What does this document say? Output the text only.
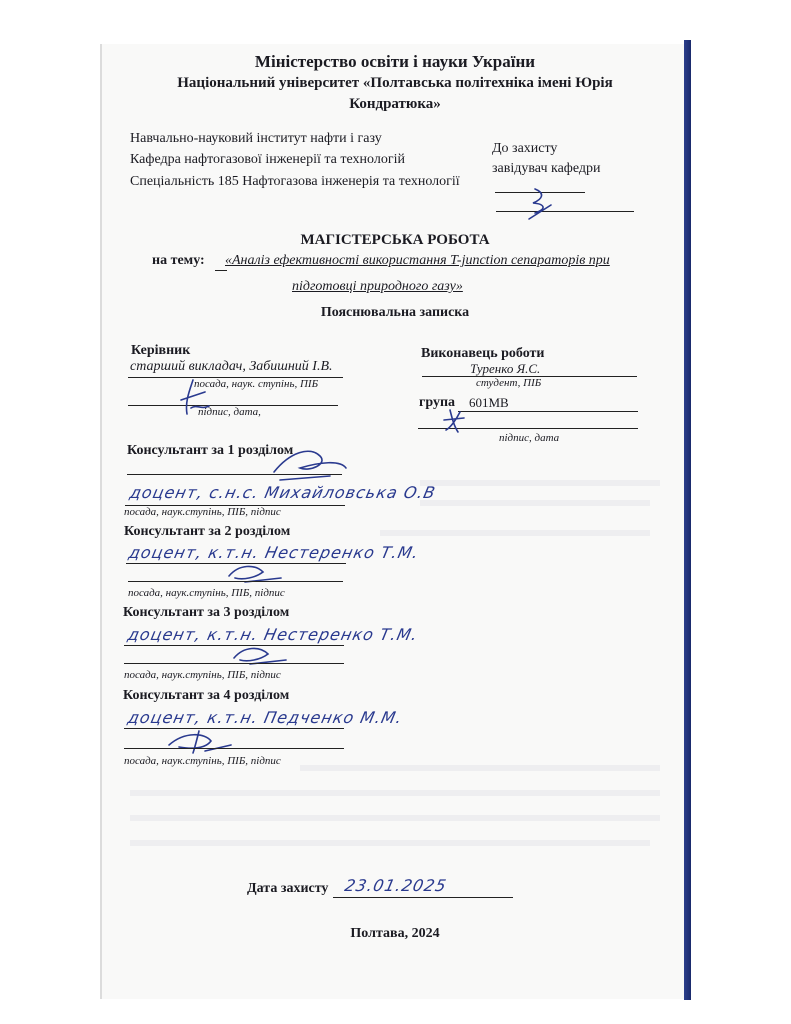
Міністерство освіти і науки України
Національний університет «Полтавська політехніка імені Юрія
Кондратюка»
Навчально-науковий інститут нафти і газу
Кафедра нафтогазової інженерії та технологій
Спеціальність 185 Нафтогазова інженерія та технології
До захисту
завідувач кафедри
МАГІСТЕРСЬКА РОБОТА
на тему: «Аналіз ефективності використання T-junction сепараторів при
підготовці природного газу»
Пояснювальна записка
Керівник
старший викладач, Забишний І.В.
посада, наук. ступінь, ПІБ
підпис, дата,
Виконавець роботи
Туренко Я.С.
студент, ПІБ
група 601МВ
підпис, дата
Консультант за 1 розділом
доцент, с.н.с. Михайловська О.В
посада, наук.ступінь, ПІБ, підпис
Консультант за 2 розділом
доцент, к.т.н. Нестеренко Т.М.
посада, наук.ступінь, ПІБ, підпис
Консультант за 3 розділом
доцент, к.т.н. Нестеренко Т.М.
посада, наук.ступінь, ПІБ, підпис
Консультант за 4 розділом
доцент, к.т.н. Педченко М.М.
посада, наук.ступінь, ПІБ, підпис
Дата захисту 23.01.2025
Полтава, 2024
